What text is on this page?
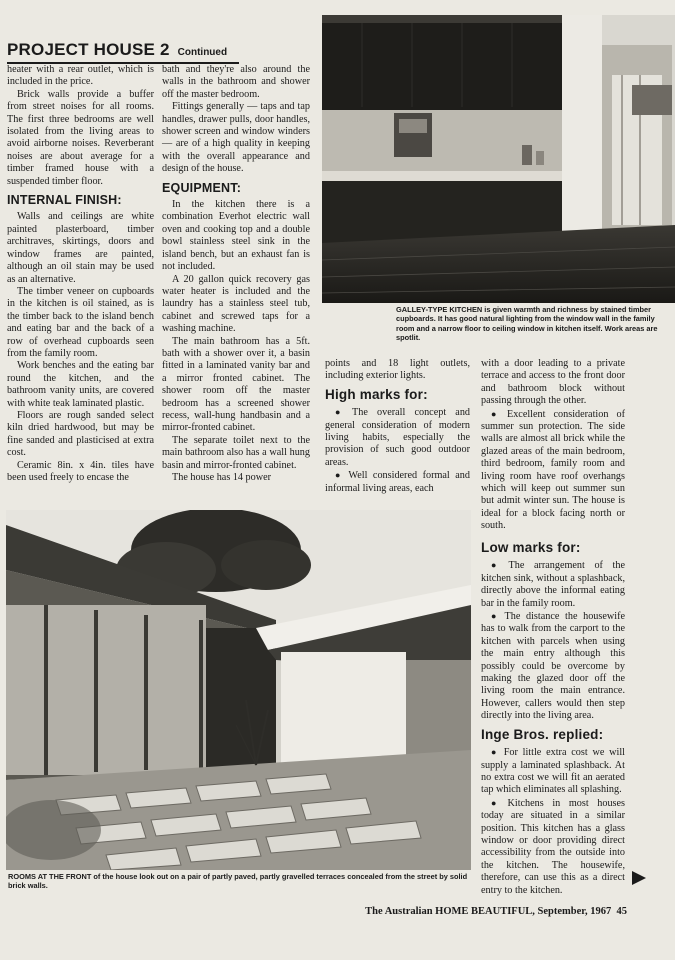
PROJECT HOUSE 2 Continued

heater with a rear outlet, which is included in the price.

Brick walls provide a buffer from street noises for all rooms. The first three bedrooms are well isolated from the living areas to avoid airborne noises. Reverberant noises are about average for a timber framed house with a suspended timber floor.

INTERNAL FINISH:

Walls and ceilings are white painted plasterboard, timber architraves, skirtings, doors and window frames are painted, although an oil stain may be used as an alternative.

The timber veneer on cupboards in the kitchen is oil stained, as is the timber back to the island bench and eating bar and the back of a row of overhead cupboards seen from the family room.

Work benches and the eating bar round the kitchen, and the bathroom vanity units, are covered with white teak laminated plastic.

Floors are rough sanded select kiln dried hardwood, but may be fine sanded and plasticised at extra cost.

Ceramic 8in. x 4in. tiles have been used freely to encase the

bath and they're also around the walls in the bathroom and shower off the master bedroom.

Fittings generally — taps and tap handles, drawer pulls, door handles, shower screen and window winders — are of a high quality in keeping with the overall appearance and design of the house.

EQUIPMENT:

In the kitchen there is a combination Everhot electric wall oven and cooking top and a double bowl stainless steel sink in the island bench, but an exhaust fan is not included.

A 20 gallon quick recovery gas water heater is included and the laundry has a stainless steel tub, cabinet and screwed taps for a washing machine.

The main bathroom has a 5ft. bath with a shower over it, a basin fitted in a laminated vanity bar and a mirror fronted cabinet. The shower room off the master bedroom has a screened shower recess, wall-hung handbasin and a mirror-fronted cabinet.

The separate toilet next to the main bathroom also has a wall hung basin and mirror-fronted cabinet.

The house has 14 power

GALLEY-TYPE KITCHEN is given warmth and richness by stained timber cupboards. It has good natural lighting from the window wall in the family room and a narrow floor to ceiling window in kitchen itself. Work areas are spotlit.

points and 18 light outlets, including exterior lights.

High marks for:

● The overall concept and general consideration of modern living habits, especially the provision of such good outdoor areas.

● Well considered formal and informal living areas, each

with a door leading to a private terrace and access to the front door and bathroom block without passing through the other.

● Excellent consideration of summer sun protection. The side walls are almost all brick while the glazed areas of the main bedroom, third bedroom, family room and living room have roof overhangs which will keep out summer sun but admit winter sun. The house is ideal for a block facing north or south.

Low marks for:

● The arrangement of the kitchen sink, without a splashback, directly above the informal eating bar in the family room.

● The distance the housewife has to walk from the carport to the kitchen with parcels when using the main entry although this possibly could be overcome by making the glazed door off the living room the main entrance. However, callers would then step directly into the living area.

Inge Bros. replied:

● For little extra cost we will supply a laminated splashback. At no extra cost we will fit an aerated tap which eliminates all splashing.

● Kitchens in most houses today are situated in a similar position. This kitchen has a glass window or door providing direct accessibility from the outside into the kitchen. The housewife, therefore, can use this as a direct entry to the kitchen.

ROOMS AT THE FRONT of the house look out on a pair of partly paved, partly gravelled terraces concealed from the street by solid brick walls.
The Australian HOME BEAUTIFUL, September, 1967 45
